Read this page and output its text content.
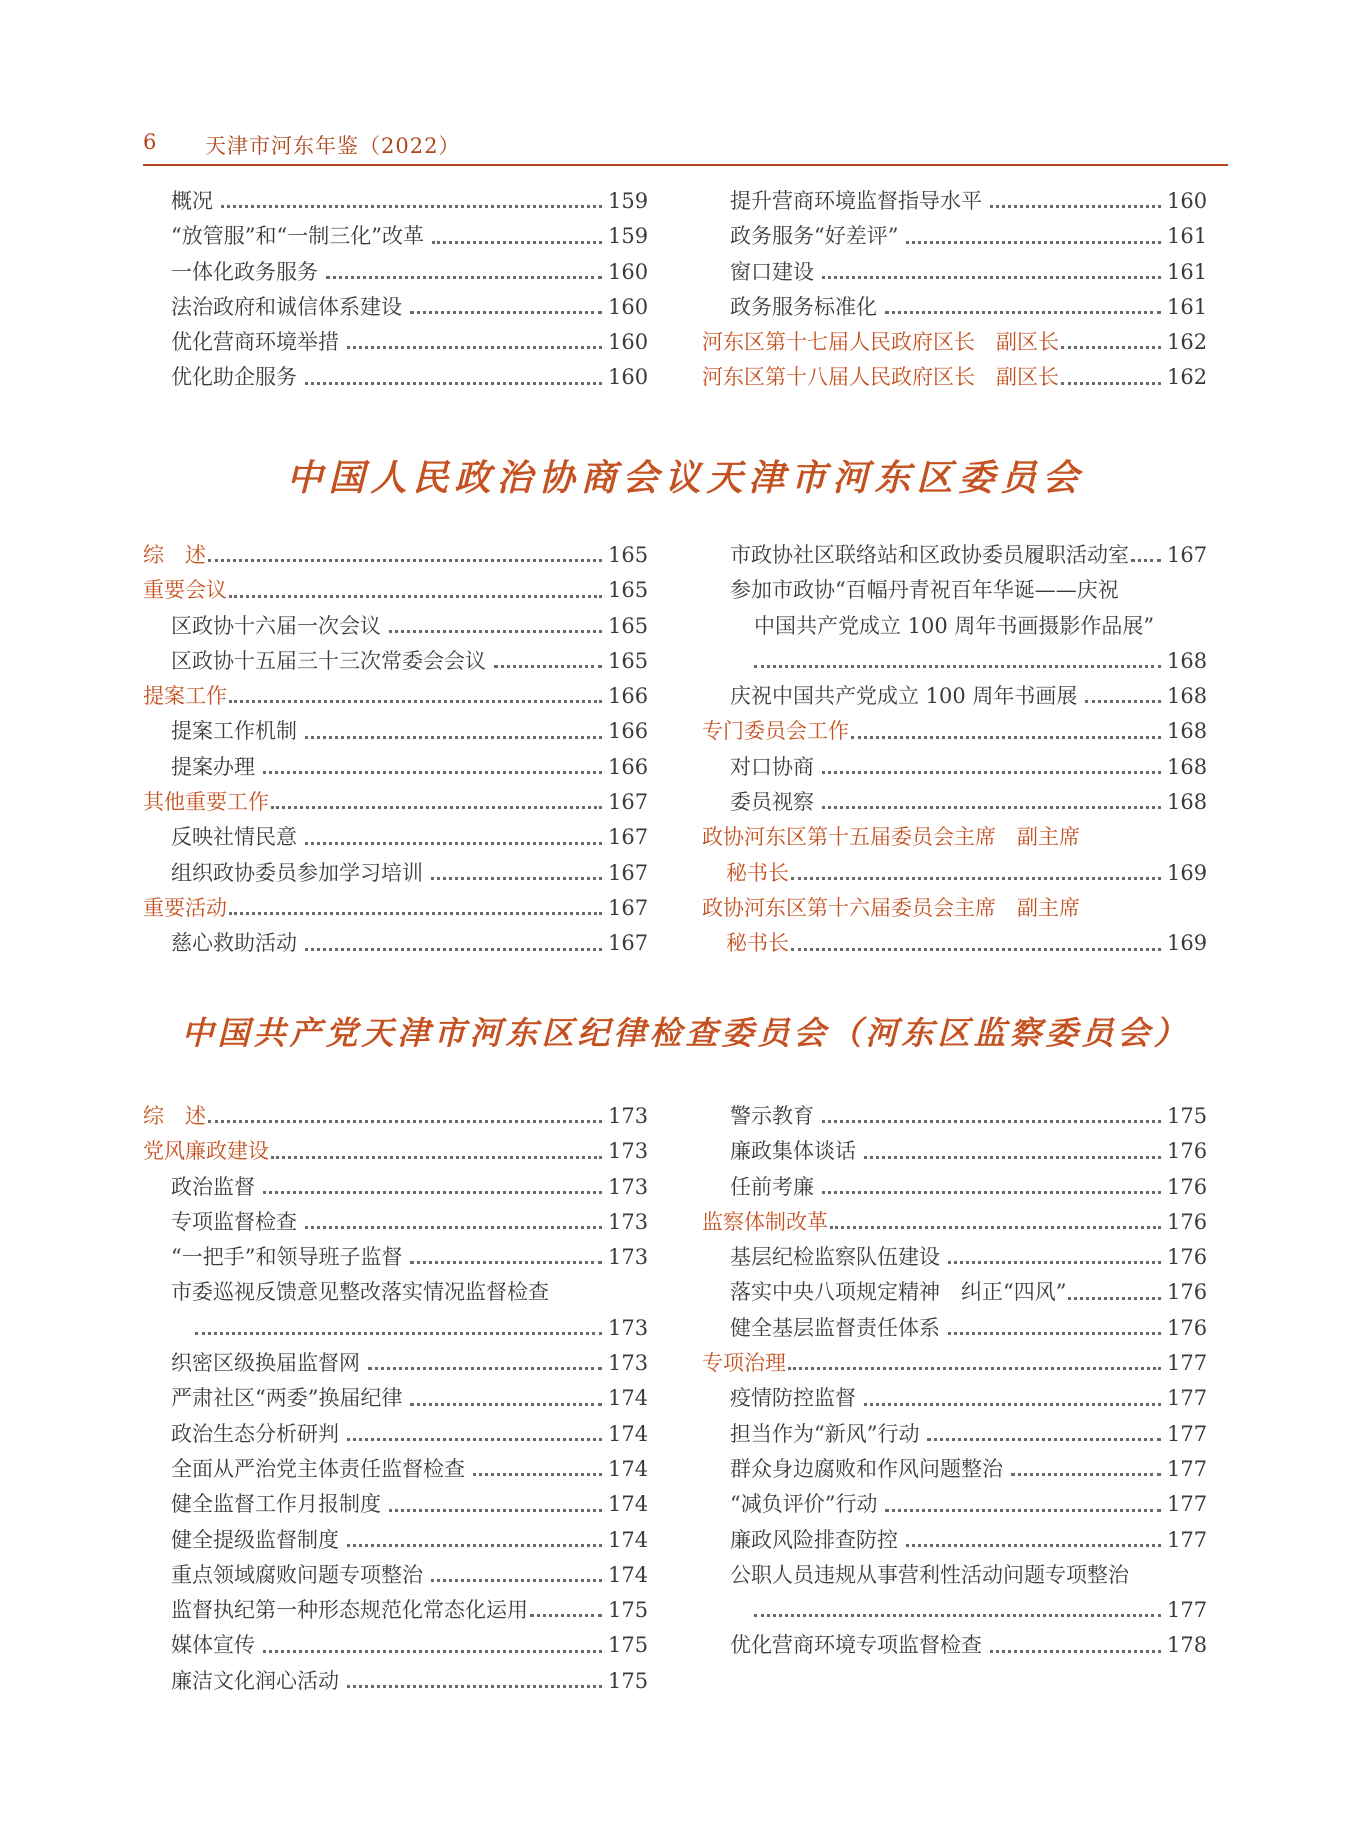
6 天津市河东年鉴（2022）
概况	159
“放管服”和“一制三化”改革	159
一体化政务服务	160
法治政府和诚信体系建设	160
优化营商环境举措	160
优化助企服务	160
提升营商环境监督指导水平	160
政务服务“好差评”	161
窗口建设	161
政务服务标准化	161
河东区第十七届人民政府区长　副区长	162
河东区第十八届人民政府区长　副区长	162
中国人民政治协商会议天津市河东区委员会
综　述	165
重要会议	165
区政协十六届一次会议	165
区政协十五届三十三次常委会会议	165
提案工作	166
提案工作机制	166
提案办理	166
其他重要工作	167
反映社情民意	167
组织政协委员参加学习培训	167
重要活动	167
慈心救助活动	167
市政协社区联络站和区政协委员履职活动室 167
参加市政协“百幅丹青祝百年华诞——庆祝
中国共产党成立 100 周年书画摄影作品展”
168
庆祝中国共产党成立 100 周年书画展	168
专门委员会工作	168
对口协商	168
委员视察	168
政协河东区第十五届委员会主席　副主席
秘书长	169
政协河东区第十六届委员会主席　副主席
秘书长	169
中国共产党天津市河东区纪律检查委员会（河东区监察委员会）
综　述	173
党风廉政建设	173
政治监督	173
专项监督检查	173
“一把手”和领导班子监督	173
市委巡视反馈意见整改落实情况监督检查
173
织密区级换届监督网	173
严肃社区“两委”换届纪律	174
政治生态分析研判	174
全面从严治党主体责任监督检查	174
健全监督工作月报制度	174
健全提级监督制度	174
重点领域腐败问题专项整治	174
监督执纪第一种形态规范化常态化运用	175
媒体宣传	175
廉洁文化润心活动	175
警示教育	175
廉政集体谈话	176
任前考廉	176
监察体制改革	176
基层纪检监察队伍建设	176
落实中央八项规定精神　纠正“四风”	176
健全基层监督责任体系	176
专项治理	177
疫情防控监督	177
担当作为“新风”行动	177
群众身边腐败和作风问题整治	177
“减负评价”行动	177
廉政风险排查防控	177
公职人员违规从事营利性活动问题专项整治
177
优化营商环境专项监督检查	178
